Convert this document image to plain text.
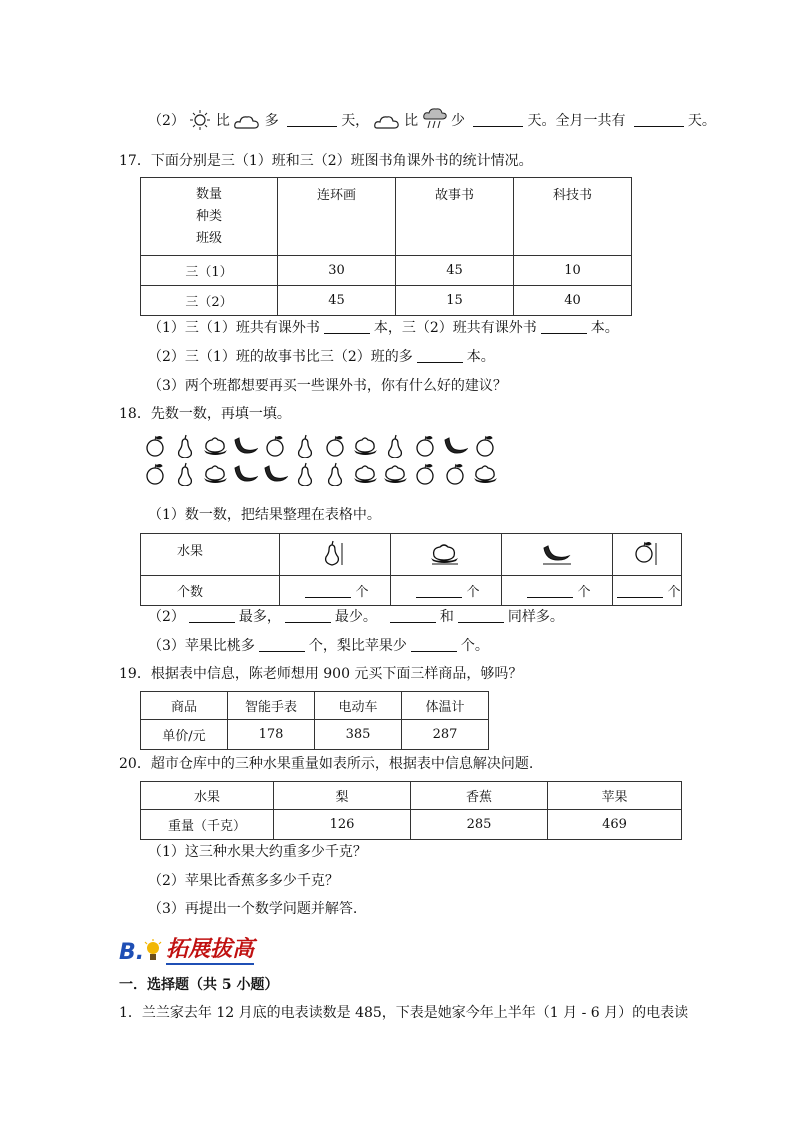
（2） 比 多	天， 比 少	天。全月一共有	天。
17．下面分别是三（1）班和三（2）班图书角课外书的统计情况。
数量
种类
班级	连环画	故事书	科技书
三（1）	30	45	10
三（2）	45	15	40
（1）三（1）班共有课外书	本，三（2）班共有课外书	本。
（2）三（1）班的故事书比三（2）班的多	本。
（3）两个班都想要再买一些课外书，你有什么好的建议？
18．先数一数，再填一填。
（1）数一数，把结果整理在表格中。
水果				
个数	个	个	个	个
（2）	最多，	最少。	和	同样多。
（3）苹果比桃多	个，梨比苹果少	个。
19．根据表中信息，陈老师想用 900 元买下面三样商品，够吗？
商品	智能手表	电动车	体温计
单价/元	178	385	287
20．超市仓库中的三种水果重量如表所示，根据表中信息解决问题.
水果	梨	香蕉	苹果
重量（千克）	126	285	469
（1）这三种水果大约重多少千克？
（2）苹果比香蕉多多少千克？
（3）再提出一个数学问题并解答.
B. 拓展拔高
一．选择题（共 5 小题）
1．兰兰家去年 12 月底的电表读数是 485，下表是她家今年上半年（1 月 - 6 月）的电表读
